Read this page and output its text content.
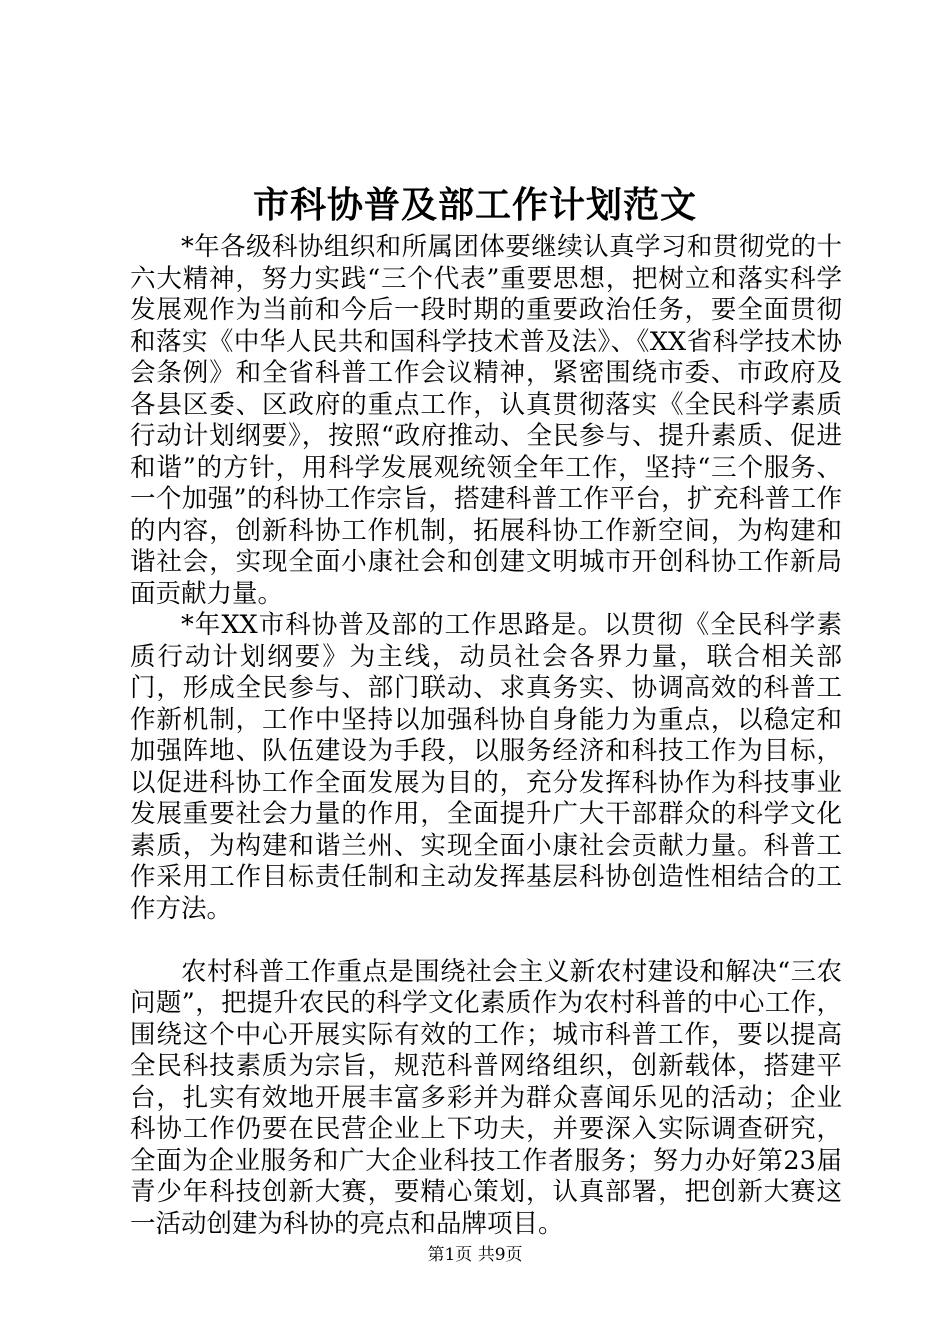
市科协普及部工作计划范文

*年各级科协组织和所属团体要继续认真学习和贯彻党的十六大精神，努力实践“三个代表”重要思想，把树立和落实科学发展观作为当前和今后一段时期的重要政治任务，要全面贯彻和落实《中华人民共和国科学技术普及法》、《XX省科学技术协会条例》和全省科普工作会议精神，紧密围绕市委、市政府及各县区委、区政府的重点工作，认真贯彻落实《全民科学素质行动计划纲要》，按照“政府推动、全民参与、提升素质、促进和谐”的方针，用科学发展观统领全年工作，坚持“三个服务、一个加强”的科协工作宗旨，搭建科普工作平台，扩充科普工作的内容，创新科协工作机制，拓展科协工作新空间，为构建和谐社会，实现全面小康社会和创建文明城市开创科协工作新局面贡献力量。

*年XX市科协普及部的工作思路是。以贯彻《全民科学素质行动计划纲要》为主线，动员社会各界力量，联合相关部门，形成全民参与、部门联动、求真务实、协调高效的科普工作新机制，工作中坚持以加强科协自身能力为重点，以稳定和加强阵地、队伍建设为手段，以服务经济和科技工作为目标，以促进科协工作全面发展为目的，充分发挥科协作为科技事业发展重要社会力量的作用，全面提升广大干部群众的科学文化素质，为构建和谐兰州、实现全面小康社会贡献力量。科普工作采用工作目标责任制和主动发挥基层科协创造性相结合的工作方法。

农村科普工作重点是围绕社会主义新农村建设和解决“三农问题”，把提升农民的科学文化素质作为农村科普的中心工作，围绕这个中心开展实际有效的工作；城市科普工作，要以提高全民科技素质为宗旨，规范科普网络组织，创新载体，搭建平台，扎实有效地开展丰富多彩并为群众喜闻乐见的活动；企业科协工作仍要在民营企业上下功夫，并要深入实际调查研究，全面为企业服务和广大企业科技工作者服务；努力办好第23届青少年科技创新大赛，要精心策划，认真部署，把创新大赛这一活动创建为科协的亮点和品牌项目。

第1页 共9页
